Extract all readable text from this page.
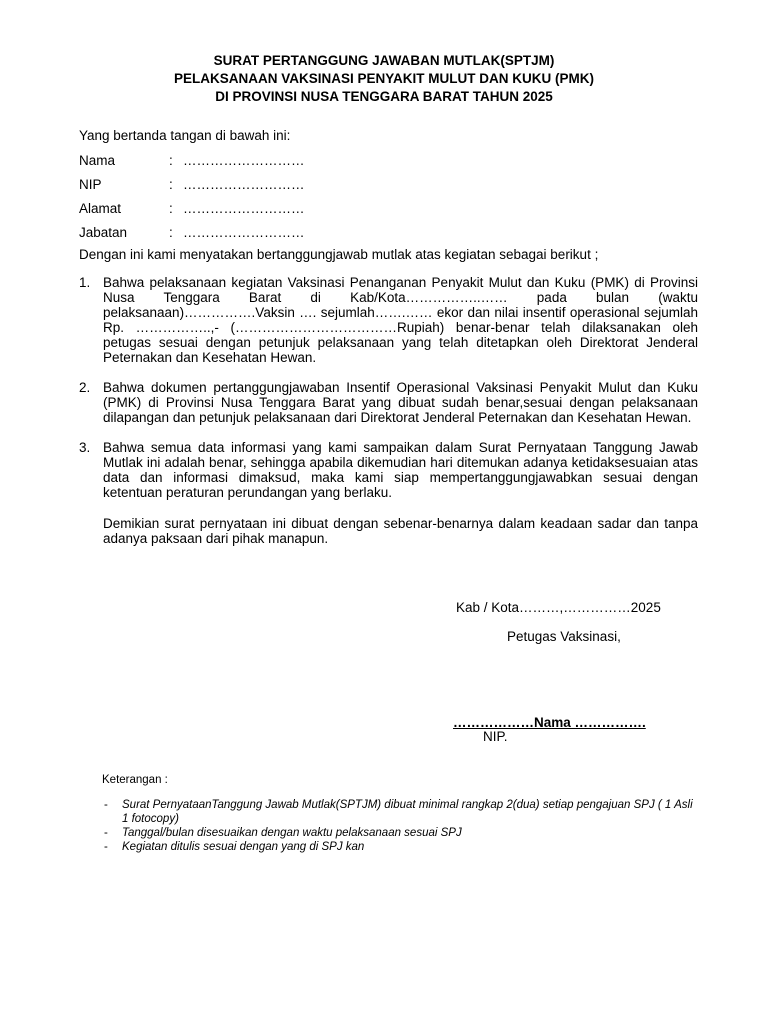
SURAT PERTANGGUNG JAWABAN MUTLAK(SPTJM)
PELAKSANAAN VAKSINASI PENYAKIT MULUT DAN KUKU (PMK)
DI PROVINSI NUSA TENGGARA BARAT TAHUN 2025
Yang bertanda tangan di bawah ini:
Nama	: ………………………
NIP	: ………………………
Alamat	: ………………………
Jabatan	: ………………………
Dengan ini kami menyatakan bertanggungjawab mutlak atas kegiatan sebagai berikut ;
1. Bahwa pelaksanaan kegiatan Vaksinasi Penanganan Penyakit Mulut dan Kuku (PMK) di Provinsi Nusa Tenggara Barat di Kab/Kota……………..…… pada bulan (waktu pelaksanaan)…………….Vaksin …. sejumlah…….…… ekor dan nilai insentif operasional sejumlah Rp. ……………..,- (………………………………Rupiah) benar-benar telah dilaksanakan oleh petugas sesuai dengan petunjuk pelaksanaan yang telah ditetapkan oleh Direktorat Jenderal Peternakan dan Kesehatan Hewan.
2. Bahwa dokumen pertanggungjawaban Insentif Operasional Vaksinasi Penyakit Mulut dan Kuku (PMK) di Provinsi Nusa Tenggara Barat yang dibuat sudah benar,sesuai dengan pelaksanaan dilapangan dan petunjuk pelaksanaan dari Direktorat Jenderal Peternakan dan Kesehatan Hewan.
3. Bahwa semua data informasi yang kami sampaikan dalam Surat Pernyataan Tanggung Jawab Mutlak ini adalah benar, sehingga apabila dikemudian hari ditemukan adanya ketidaksesuaian atas data dan informasi dimaksud, maka kami siap mempertanggungjawabkan sesuai dengan ketentuan peraturan perundangan yang berlaku.
Demikian surat pernyataan ini dibuat dengan sebenar-benarnya dalam keadaan sadar dan tanpa adanya paksaan dari pihak manapun.
Kab / Kota………,……………2025
Petugas Vaksinasi,
………………Nama …………….
NIP.
Keterangan :
- Surat PernyataanTanggung Jawab Mutlak(SPTJM) dibuat minimal rangkap 2(dua) setiap pengajuan SPJ ( 1 Asli 1 fotocopy)
- Tanggal/bulan disesuaikan dengan waktu pelaksanaan sesuai SPJ
- Kegiatan ditulis sesuai dengan yang di SPJ kan
